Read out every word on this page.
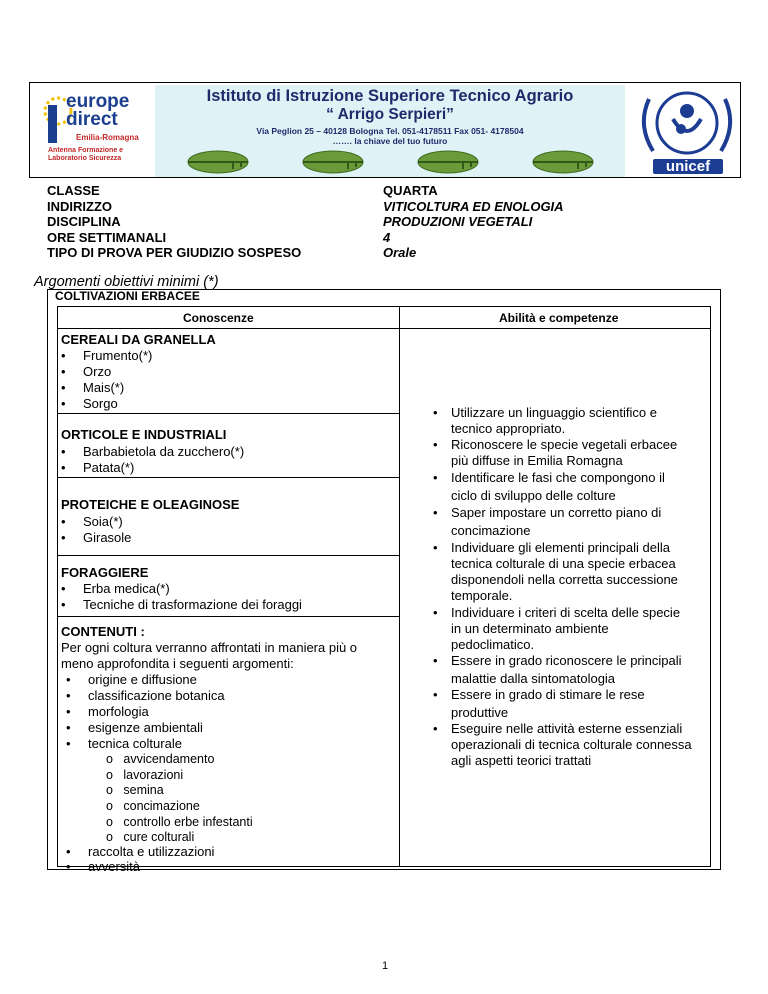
europe
direct
Emilia-Romagna
Antenna Formazione e
Laboratorio Sicurezza
Istituto di Istruzione Superiore Tecnico Agrario
“ Arrigo Serpieri”
Via Peglion 25 – 40128 Bologna Tel. 051-4178511 Fax 051- 4178504
……. la chiave del tuo futuro
unicef
CLASSE
INDIRIZZO
DISCIPLINA
ORE SETTIMANALI
TIPO DI PROVA PER GIUDIZIO SOSPESO
QUARTA
VITICOLTURA ED ENOLOGIA
PRODUZIONI VEGETALI
4
Orale
Argomenti obiettivi minimi (*)
COLTIVAZIONI ERBACEE
Conoscenze	Abilità e competenze
CEREALI DA GRANELLA
• Frumento(*)
• Orzo
• Mais(*)
• Sorgo
ORTICOLE E INDUSTRIALI
• Barbabietola da zucchero(*)
• Patata(*)
PROTEICHE E OLEAGINOSE
• Soia(*)
• Girasole
FORAGGIERE
• Erba medica(*)
• Tecniche di trasformazione dei foraggi
CONTENUTI :
Per ogni coltura verranno affrontati in maniera più o
meno approfondita i seguenti argomenti:
• origine e diffusione
• classificazione botanica
• morfologia
• esigenze ambientali
• tecnica colturale
o avvicendamento
o lavorazioni
o semina
o concimazione
o controllo erbe infestanti
o cure colturali
• raccolta e utilizzazioni
• avversità
• Utilizzare un linguaggio scientifico e
tecnico appropriato.
• Riconoscere le specie vegetali erbacee
più diffuse in Emilia Romagna
• Identificare le fasi che compongono il
ciclo di sviluppo delle colture
• Saper impostare un corretto piano di
concimazione
• Individuare gli elementi principali della
tecnica colturale di una specie erbacea
disponendoli nella corretta successione
temporale.
• Individuare i criteri di scelta delle specie
in un determinato ambiente
pedoclimatico.
• Essere in grado riconoscere le principali
malattie dalla sintomatologia
• Essere in grado di stimare le rese
produttive
• Eseguire nelle attività esterne essenziali
operazionali di tecnica colturale connessa
agli aspetti teorici trattati
1
